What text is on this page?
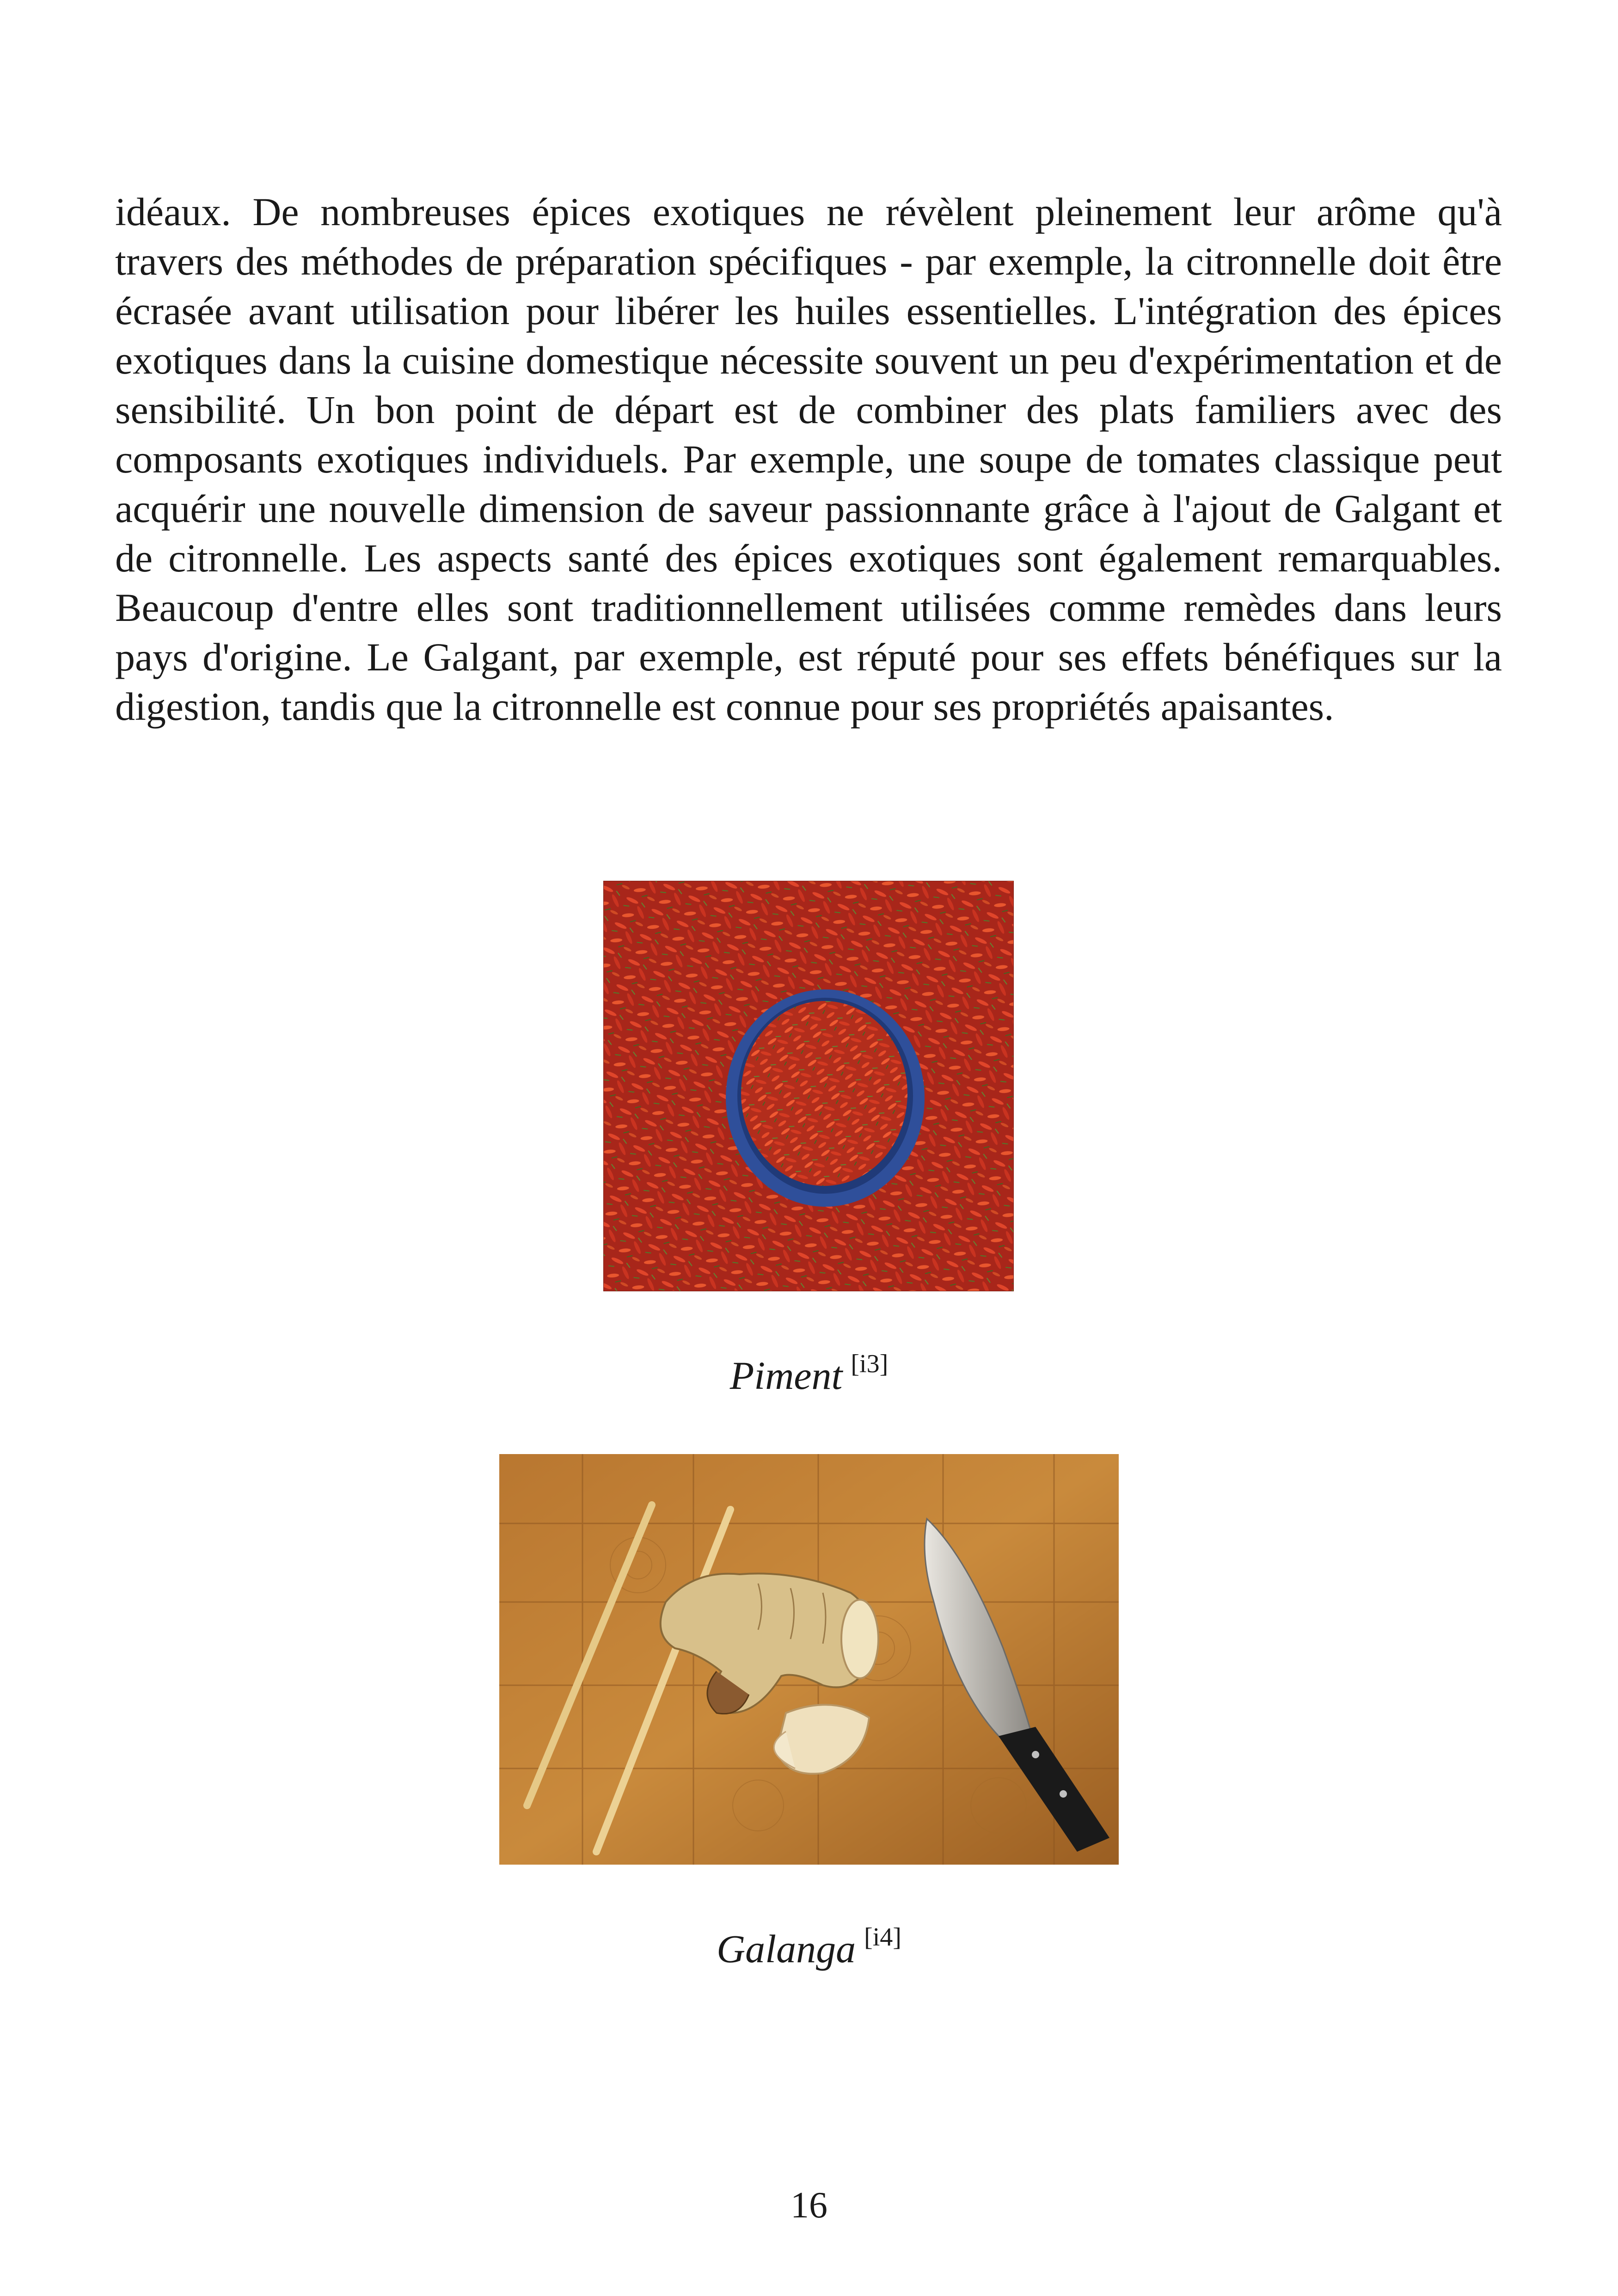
idéaux. De nombreuses épices exotiques ne révèlent pleinement leur arôme qu'à travers des méthodes de préparation spécifiques - par exemple, la citronnelle doit être écrasée avant utilisation pour libérer les huiles essentielles. L'intégration des épices exotiques dans la cuisine domestique nécessite souvent un peu d'expérimentation et de sensibilité. Un bon point de départ est de combiner des plats familiers avec des composants exotiques individuels. Par exemple, une soupe de tomates classique peut acquérir une nouvelle dimension de saveur passionnante grâce à l'ajout de Galgant et de citronnelle. Les aspects santé des épices exotiques sont également remarquables. Beaucoup d'entre elles sont traditionnellement utilisées comme remèdes dans leurs pays d'origine. Le Galgant, par exemple, est réputé pour ses effets bénéfiques sur la digestion, tandis que la citronnelle est connue pour ses propriétés apaisantes.

Piment [i3]
Galanga [i4]
16
